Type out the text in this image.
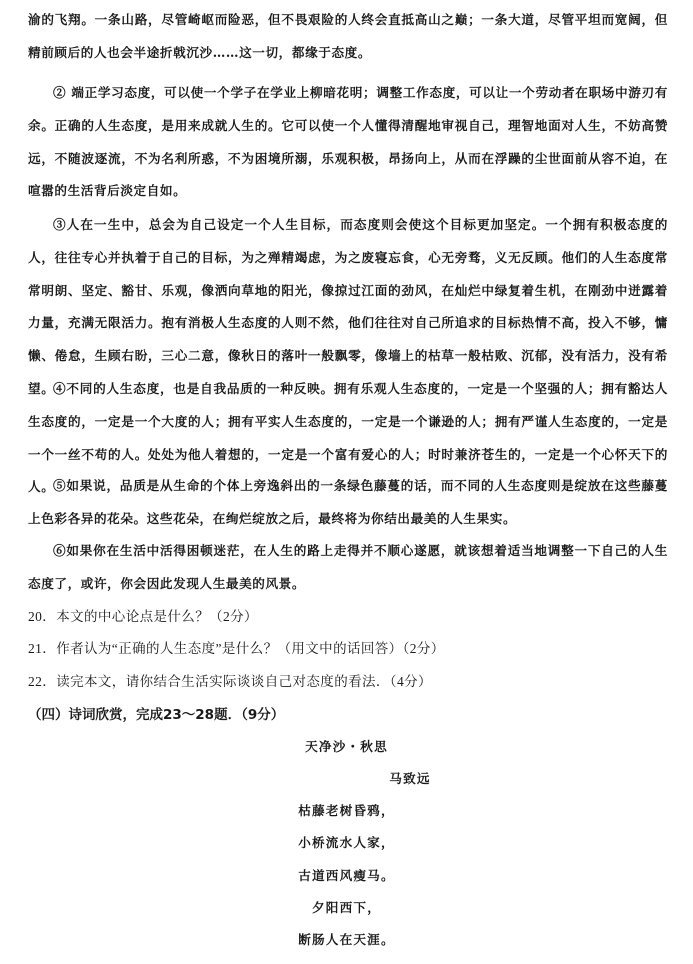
渝的飞翔。一条山路，尽管崎岖而险恶，但不畏艰险的人终会直抵高山之巅；一条大道，尽管平坦而宽阔，但精前顾后的人也会半途折戟沉沙……这一切，都缘于态度。

② 端正学习态度，可以使一个学子在学业上柳暗花明；调整工作态度，可以让一个劳动者在职场中游刃有余。正确的人生态度，是用来成就人生的。它可以使一个人懂得清醒地审视自己，理智地面对人生，不妨高赞远，不随波逐流，不为名利所惑，不为困境所溺，乐观积极，昂扬向上，从而在浮躁的尘世面前从容不迫，在喧嚣的生活背后淡定自如。

③人在一生中，总会为自己设定一个人生目标，而态度则会使这个目标更加坚定。一个拥有积极态度的人，往往专心并执着于自己的目标，为之殚精竭虑，为之废寝忘食，心无旁骛，义无反顾。他们的人生态度常常明朗、坚定、豁甘、乐观，像洒向草地的阳光，像掠过江面的劲风，在灿烂中绿复着生机，在刚劲中迸露着力量，充满无限活力。抱有消极人生态度的人则不然，他们往往对自己所追求的目标热情不高，投入不够，慵懒、倦怠，生顾右盼，三心二意，像秋日的落叶一般飘零，像墙上的枯草一般枯败、沉郁，没有活力，没有希望。

④不同的人生态度，也是自我品质的一种反映。拥有乐观人生态度的，一定是一个坚强的人；拥有豁达人生态度的，一定是一个大度的人；拥有平实人生态度的，一定是一个谦逊的人；拥有严谨人生态度的，一定是一个一丝不苟的人。处处为他人着想的，一定是一个富有爱心的人；时时兼济苍生的，一定是一个心怀天下的人。

⑤如果说，品质是从生命的个体上旁逸斜出的一条绿色藤蔓的话，而不同的人生态度则是绽放在这些藤蔓上色彩各异的花朵。这些花朵，在绚烂绽放之后，最终将为你结出最美的人生果实。

⑥如果你在生活中活得困顿迷茫，在人生的路上走得并不顺心遂愿，就该想着适当地调整一下自己的人生态度了，或许，你会因此发现人生最美的风景。

20．本文的中心论点是什么？（2分）

21．作者认为“正确的人生态度”是什么？（用文中的话回答）（2分）

22．读完本文，请你结合生活实际谈谈自己对态度的看法．（4分）

（四）诗词欣赏，完成23～28题．（9分）

天净沙・秋思

马致远

枯藤老树昏鸦，

小桥流水人家，

古道西风瘦马。

夕阳西下，

断肠人在天涯。
